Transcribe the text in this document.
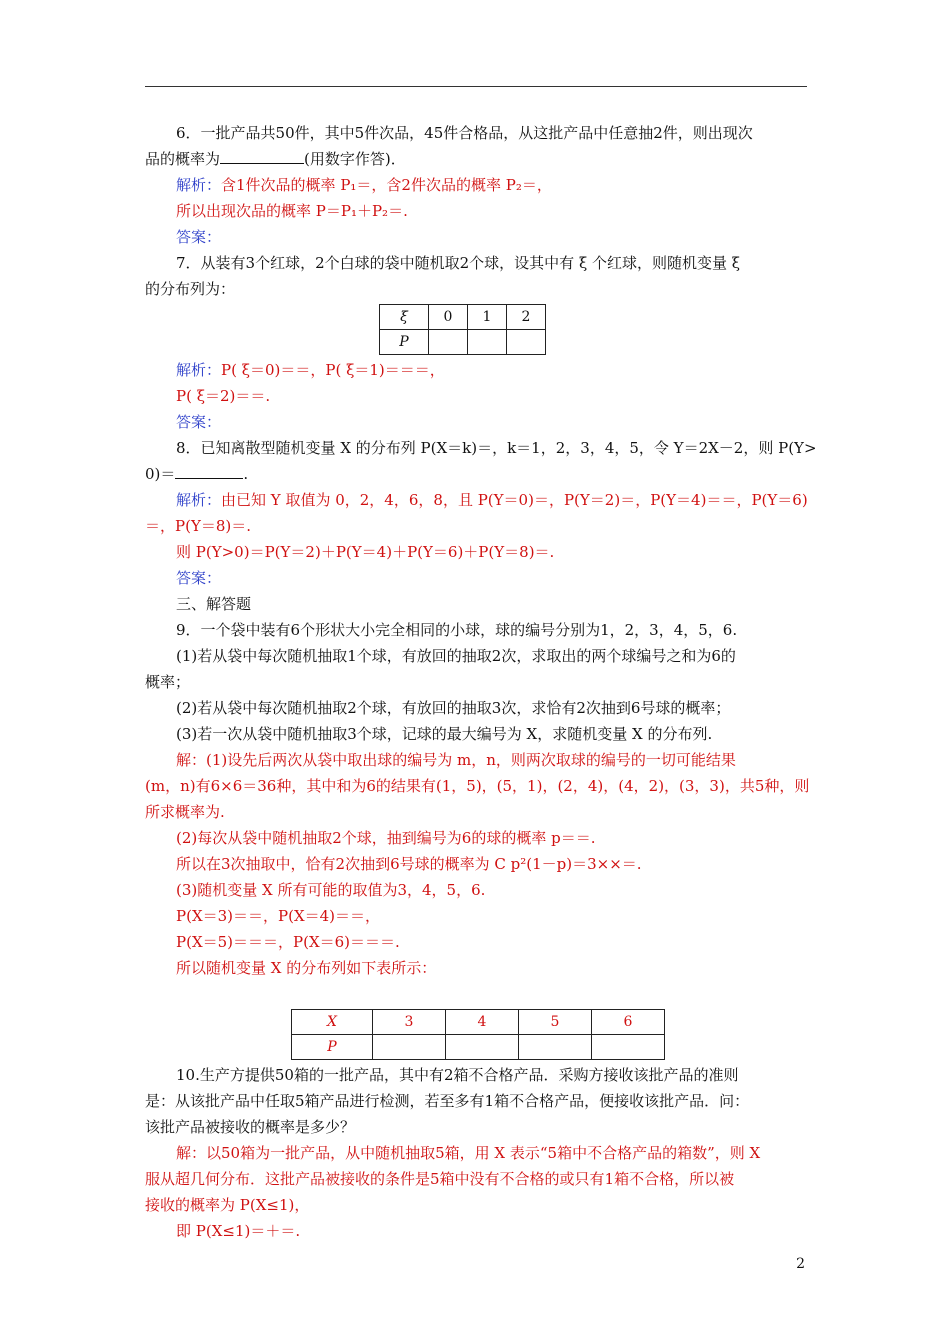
6．一批产品共50件，其中5件次品，45件合格品，从这批产品中任意抽2件，则出现次
品的概率为	(用数字作答)．
解析：含1件次品的概率 P₁＝，含2件次品的概率 P₂＝，
所以出现次品的概率 P＝P₁＋P₂＝.
答案：
7．从装有3个红球，2个白球的袋中随机取2个球，设其中有 ξ 个红球，则随机变量 ξ
的分布列为：
ξ	0	1	2
P			
解析：P( ξ＝0)＝＝，P( ξ＝1)＝＝＝，
P( ξ＝2)＝＝.
答案：
8．已知离散型随机变量 X 的分布列 P(X＝k)＝，k＝1，2，3，4，5，令 Y＝2X－2，则 P(Y>
0)＝	.
解析：由已知 Y 取值为 0，2，4，6，8，且 P(Y＝0)＝，P(Y＝2)＝，P(Y＝4)＝＝，P(Y＝6)
＝，P(Y＝8)＝.
则 P(Y>0)＝P(Y＝2)＋P(Y＝4)＋P(Y＝6)＋P(Y＝8)＝.
答案：
三、解答题
9．一个袋中装有6个形状大小完全相同的小球，球的编号分别为1，2，3，4，5，6.
(1)若从袋中每次随机抽取1个球，有放回的抽取2次，求取出的两个球编号之和为6的
概率；
(2)若从袋中每次随机抽取2个球，有放回的抽取3次，求恰有2次抽到6号球的概率；
(3)若一次从袋中随机抽取3个球，记球的最大编号为 X，求随机变量 X 的分布列.
解：(1)设先后两次从袋中取出球的编号为 m，n，则两次取球的编号的一切可能结果
(m，n)有6×6＝36种，其中和为6的结果有(1，5)，(5，1)，(2，4)，(4，2)，(3，3)，共5种，则
所求概率为.
(2)每次从袋中随机抽取2个球，抽到编号为6的球的概率 p＝＝.
所以在3次抽取中，恰有2次抽到6号球的概率为 C p²(1－p)＝3××＝.
(3)随机变量 X 所有可能的取值为3，4，5，6.
P(X＝3)＝＝，P(X＝4)＝＝，
P(X＝5)＝＝＝，P(X＝6)＝＝＝.
所以随机变量 X 的分布列如下表所示：
X	3	4	5	6
P				
10.生产方提供50箱的一批产品，其中有2箱不合格产品．采购方接收该批产品的准则
是：从该批产品中任取5箱产品进行检测，若至多有1箱不合格产品，便接收该批产品．问：
该批产品被接收的概率是多少？
解：以50箱为一批产品，从中随机抽取5箱，用 X 表示“5箱中不合格产品的箱数”，则 X
服从超几何分布．这批产品被接收的条件是5箱中没有不合格的或只有1箱不合格，所以被
接收的概率为 P(X≤1)，
即 P(X≤1)＝＋＝.
2
